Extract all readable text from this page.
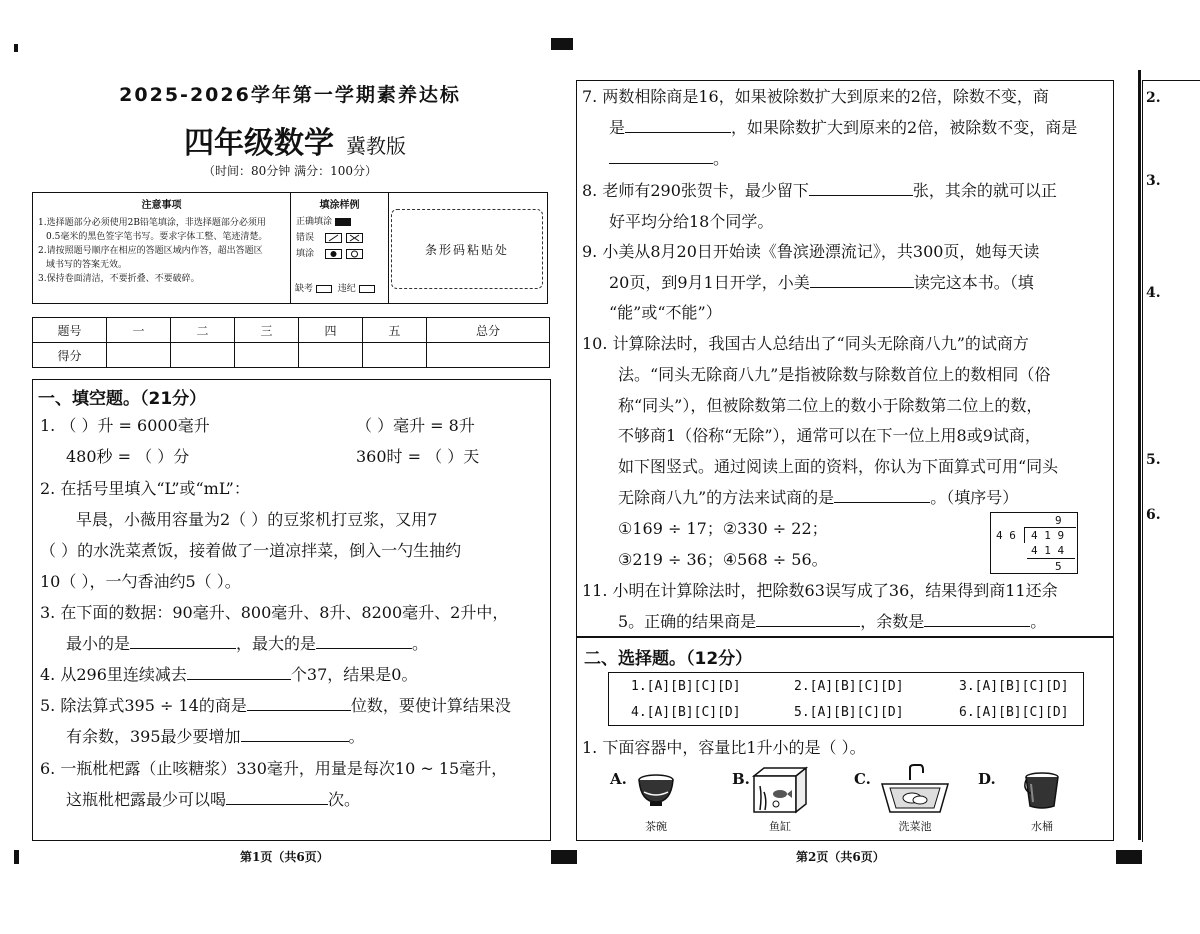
2025-2026学年第一学期素养达标
四年级数学 冀教版
（时间：80分钟 满分：100分）
注意事项
1.选择题部分必须使用2B铅笔填涂，非选择题部分必须用
0.5毫米的黑色签字笔书写。要求字体工整、笔迹清楚。
2.请按照题号顺序在相应的答题区域内作答，超出答题区
域书写的答案无效。
3.保持卷面清洁，不要折叠、不要破碎。
填涂样例
正确填涂
错误
填涂
缺考	违纪
条形码粘贴处
题号	一	二	三	四	五	总分
得分						
一、填空题。（21分）
1. （ ）升 = 6000毫升	（ ）毫升 = 8升
480秒 = （ ）分	360时 = （ ）天
2. 在括号里填入“L”或“mL”：
早晨，小薇用容量为2（ ）的豆浆机打豆浆，又用7
（ ）的水洗菜煮饭，接着做了一道凉拌菜，倒入一勺生抽约
10（ ），一勺香油约5（ ）。
3. 在下面的数据：90毫升、800毫升、8升、8200毫升、2升中，
最小的是	，最大的是	。
4. 从296里连续减去	个37，结果是0。
5. 除法算式395 ÷ 14的商是	位数，要使计算结果没
有余数，395最少要增加	。
6. 一瓶枇杷露（止咳糖浆）330毫升，用量是每次10 ~ 15毫升，
这瓶枇杷露最少可以喝	次。
第1页（共6页）
7. 两数相除商是16，如果被除数扩大到原来的2倍，除数不变，商
是	，如果除数扩大到原来的2倍，被除数不变，商是
。
8. 老师有290张贺卡，最少留下	张，其余的就可以正
好平均分给18个同学。
9. 小美从8月20日开始读《鲁滨逊漂流记》，共300页，她每天读
20页，到9月1日开学，小美	读完这本书。（填
“能”或“不能”）
10. 计算除法时，我国古人总结出了“同头无除商八九”的试商方
法。“同头无除商八九”是指被除数与除数首位上的数相同（俗
称“同头”），但被除数第二位上的数小于除数第二位上的数，
不够商1（俗称“无除”），通常可以在下一位上用8或9试商，
如下图竖式。通过阅读上面的资料，你认为下面算式可用“同头
无除商八九”的方法来试商的是	。（填序号）
①169 ÷ 17；②330 ÷ 22；
③219 ÷ 36；④568 ÷ 56。
9
4 6 4 1 9
4 1 4
5
11. 小明在计算除法时，把除数63误写成了36，结果得到商11还余
5。正确的结果商是	，余数是	。
二、选择题。（12分）
1.[A][B][C][D]	2.[A][B][C][D]	3.[A][B][C][D]
4.[A][B][C][D]	5.[A][B][C][D]	6.[A][B][C][D]
1. 下面容器中，容量比1升小的是（ ）。
A.	B.	C.	D.
茶碗	鱼缸	洗菜池	水桶
第2页（共6页）
2.
3.
4.
5.
6.
